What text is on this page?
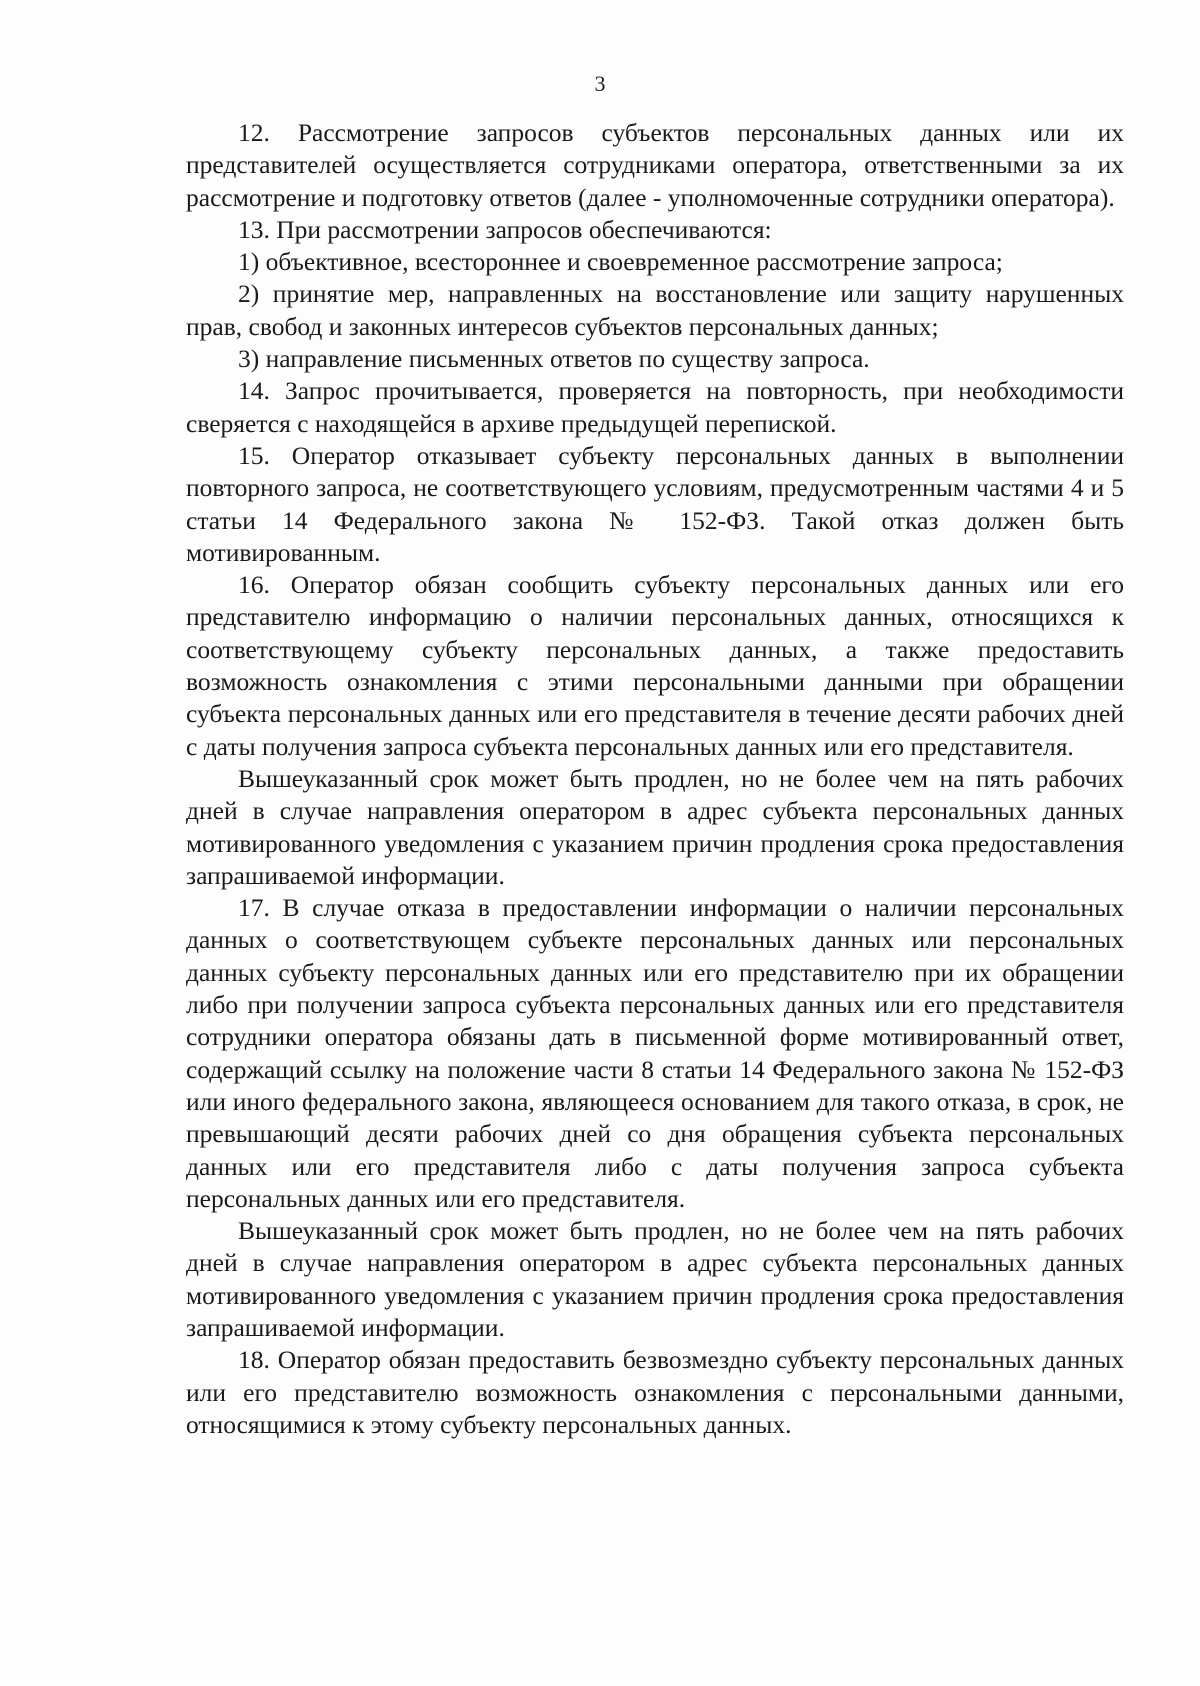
3

12. Рассмотрение запросов субъектов персональных данных или их представителей осуществляется сотрудниками оператора, ответственными за их рассмотрение и подготовку ответов (далее - уполномоченные сотрудники оператора).

13. При рассмотрении запросов обеспечиваются:

1) объективное, всестороннее и своевременное рассмотрение запроса;

2) принятие мер, направленных на восстановление или защиту нарушенных прав, свобод и законных интересов субъектов персональных данных;

3) направление письменных ответов по существу запроса.

14. Запрос прочитывается, проверяется на повторность, при необходимости сверяется с находящейся в архиве предыдущей перепиской.

15. Оператор отказывает субъекту персональных данных в выполнении повторного запроса, не соответствующего условиям, предусмотренным частями 4 и 5 статьи 14 Федерального закона № 152-ФЗ. Такой отказ должен быть мотивированным.

16. Оператор обязан сообщить субъекту персональных данных или его представителю информацию о наличии персональных данных, относящихся к соответствующему субъекту персональных данных, а также предоставить возможность ознакомления с этими персональными данными при обращении субъекта персональных данных или его представителя в течение десяти рабочих дней с даты получения запроса субъекта персональных данных или его представителя.

Вышеуказанный срок может быть продлен, но не более чем на пять рабочих дней в случае направления оператором в адрес субъекта персональных данных мотивированного уведомления с указанием причин продления срока предоставления запрашиваемой информации.

17. В случае отказа в предоставлении информации о наличии персональных данных о соответствующем субъекте персональных данных или персональных данных субъекту персональных данных или его представителю при их обращении либо при получении запроса субъекта персональных данных или его представителя сотрудники оператора обязаны дать в письменной форме мотивированный ответ, содержащий ссылку на положение части 8 статьи 14 Федерального закона № 152-ФЗ или иного федерального закона, являющееся основанием для такого отказа, в срок, не превышающий десяти рабочих дней со дня обращения субъекта персональных данных или его представителя либо с даты получения запроса субъекта персональных данных или его представителя.

Вышеуказанный срок может быть продлен, но не более чем на пять рабочих дней в случае направления оператором в адрес субъекта персональных данных мотивированного уведомления с указанием причин продления срока предоставления запрашиваемой информации.

18. Оператор обязан предоставить безвозмездно субъекту персональных данных или его представителю возможность ознакомления с персональными данными, относящимися к этому субъекту персональных данных.
